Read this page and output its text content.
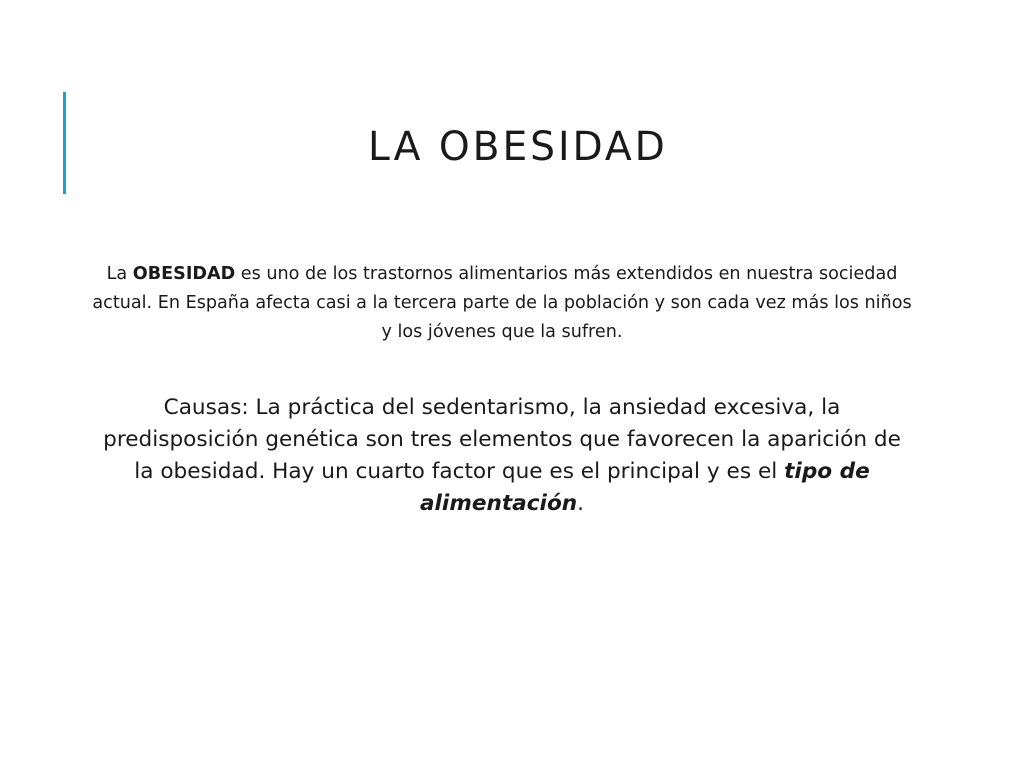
LA OBESIDAD

La OBESIDAD es uno de los trastornos alimentarios más extendidos en nuestra sociedad actual. En España afecta casi a la tercera parte de la población y son cada vez más los niños y los jóvenes que la sufren.

Causas: La práctica del sedentarismo, la ansiedad excesiva, la predisposición genética son tres elementos que favorecen la aparición de la obesidad. Hay un cuarto factor que es el principal y es el tipo de alimentación.
